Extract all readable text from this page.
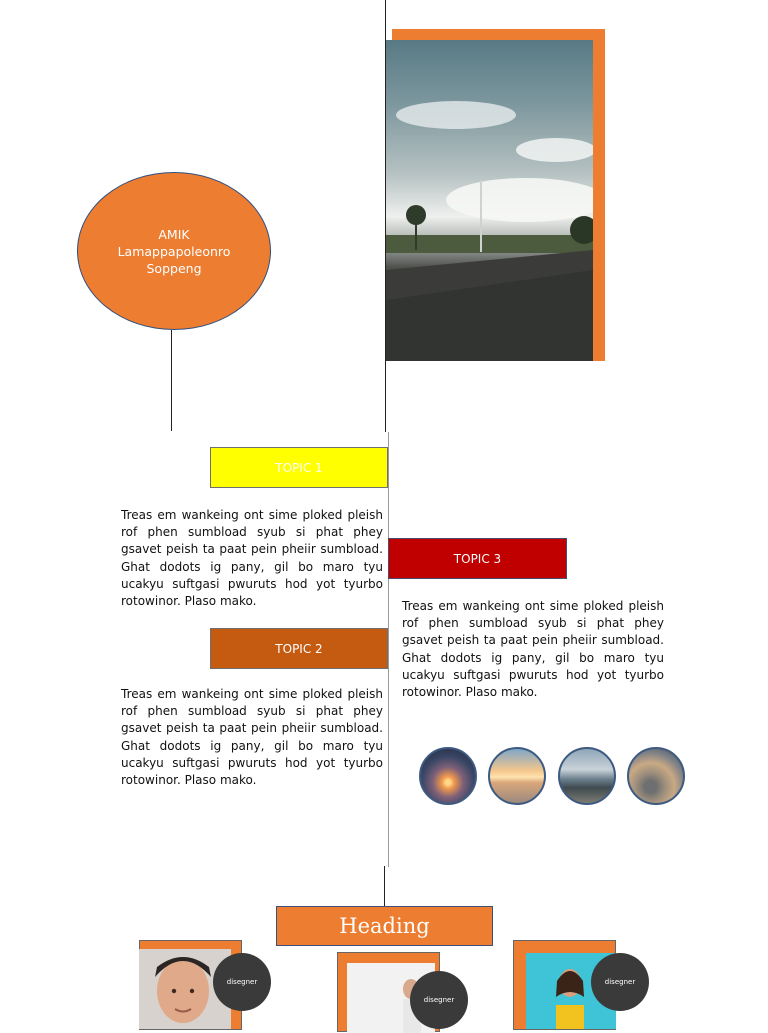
AMIK Lamappapoleonro Soppeng
TOPIC 1
Treas em wankeing ont sime ploked pleish rof phen sumbload syub si phat phey gsavet peish ta paat pein pheiir sumbload. Ghat dodots ig pany, gil bo maro tyu ucakyu suftgasi pwuruts hod yot tyurbo rotowinor. Plaso mako.
TOPIC 2
Treas em wankeing ont sime ploked pleish rof phen sumbload syub si phat phey gsavet peish ta paat pein pheiir sumbload. Ghat dodots ig pany, gil bo maro tyu ucakyu suftgasi pwuruts hod yot tyurbo rotowinor. Plaso mako.
TOPIC 3
Treas em wankeing ont sime ploked pleish rof phen sumbload syub si phat phey gsavet peish ta paat pein pheiir sumbload. Ghat dodots ig pany, gil bo maro tyu ucakyu suftgasi pwuruts hod yot tyurbo rotowinor. Plaso mako.
Heading
disegner
disegner
disegner
